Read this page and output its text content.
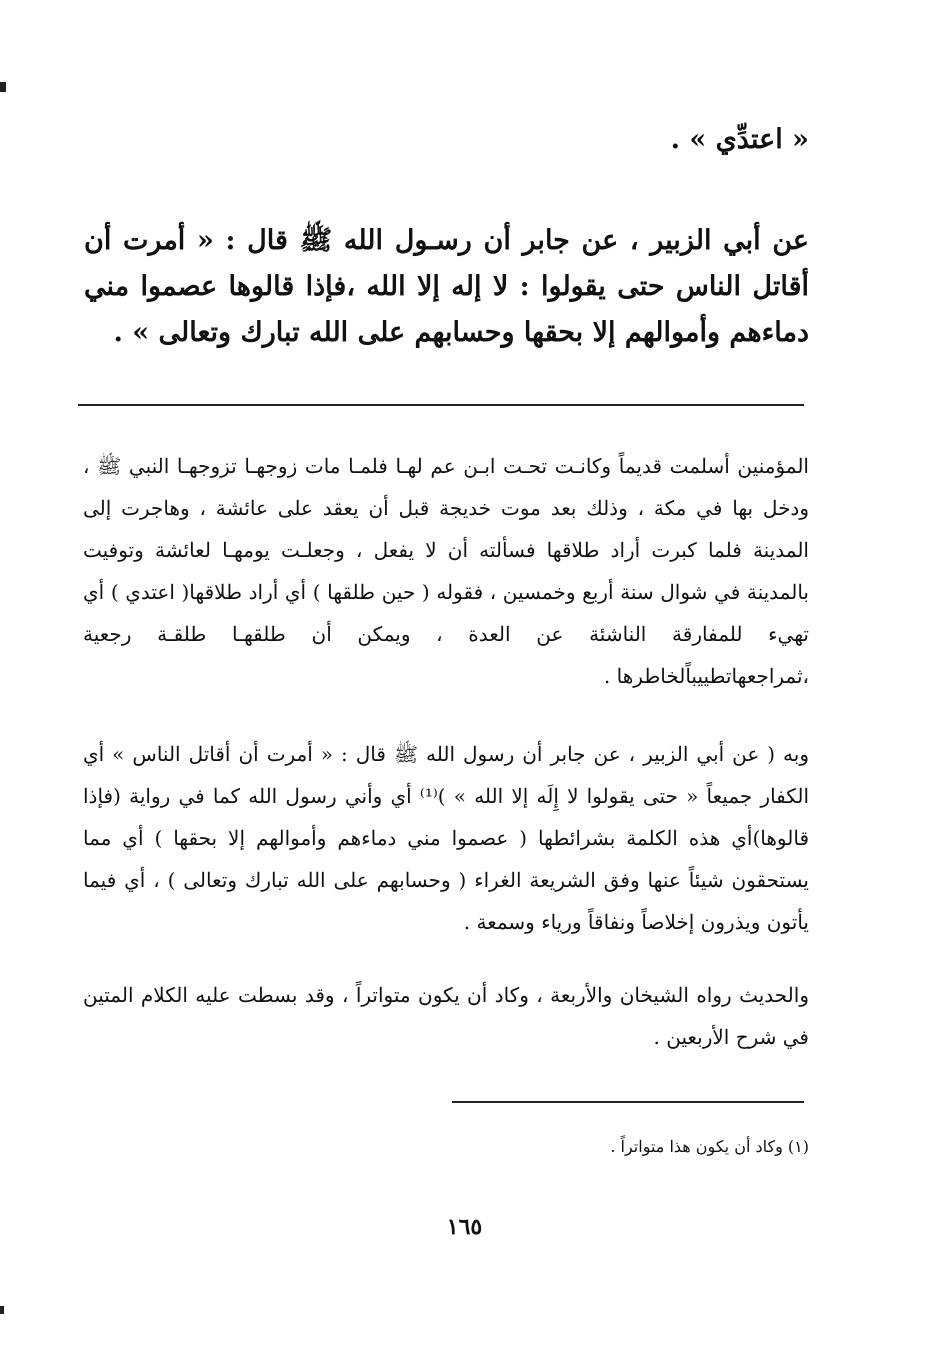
« اعتدِّي » .

عن أبي الزبير ، عن جابر أن رسـول الله ﷺ قال : « أمرت أن أقاتل الناس حتى يقولوا : لا إله إلا الله ،فإذا قالوها عصموا مني دماءهم وأموالهم إلا بحقها وحسابهم على الله تبارك وتعالى » .

المؤمنين أسلمت قديماً وكانـت تحـت ابـن عم لهـا فلمـا مات زوجهـا تزوجهـا النبي ﷺ ، ودخل بها في مكة ، وذلك بعد موت خديجة قبل أن يعقد على عائشة ، وهاجرت إلى المدينة فلما كبرت أراد طلاقها فسألته أن لا يفعل ، وجعلـت يومهـا لعائشة وتوفيت بالمدينة في شوال سنة أربع وخمسين ، فقوله ( حين طلقها ) أي أراد طلاقها( اعتدي ) أي تهيء للمفارقة الناشئة عن العدة ، ويمكن أن طلقهـا طلقـة رجعية ،ثمراجعهاتطييباًلخاطرها .

وبه ( عن أبي الزبير ، عن جابر أن رسول الله ﷺ قال : « أمرت أن أقاتل الناس » أي الكفار جميعاً « حتى يقولوا لا إِلَه إلا الله » )⁽¹⁾ أي وأني رسول الله كما في رواية (فإذا قالوها)أي هذه الكلمة بشرائطها ( عصموا مني دماءهم وأموالهم إلا بحقها ) أي مما يستحقون شيئاً عنها وفق الشريعة الغراء ( وحسابهم على الله تبارك وتعالى ) ، أي فيما يأتون ويذرون إخلاصاً ونفاقاً ورياء وسمعة .

والحديث رواه الشيخان والأربعة ، وكاد أن يكون متواتراً ، وقد بسطت عليه الكلام المتين في شرح الأربعين .

(١) وكاد أن يكون هذا متواتراً .
١٦٥
